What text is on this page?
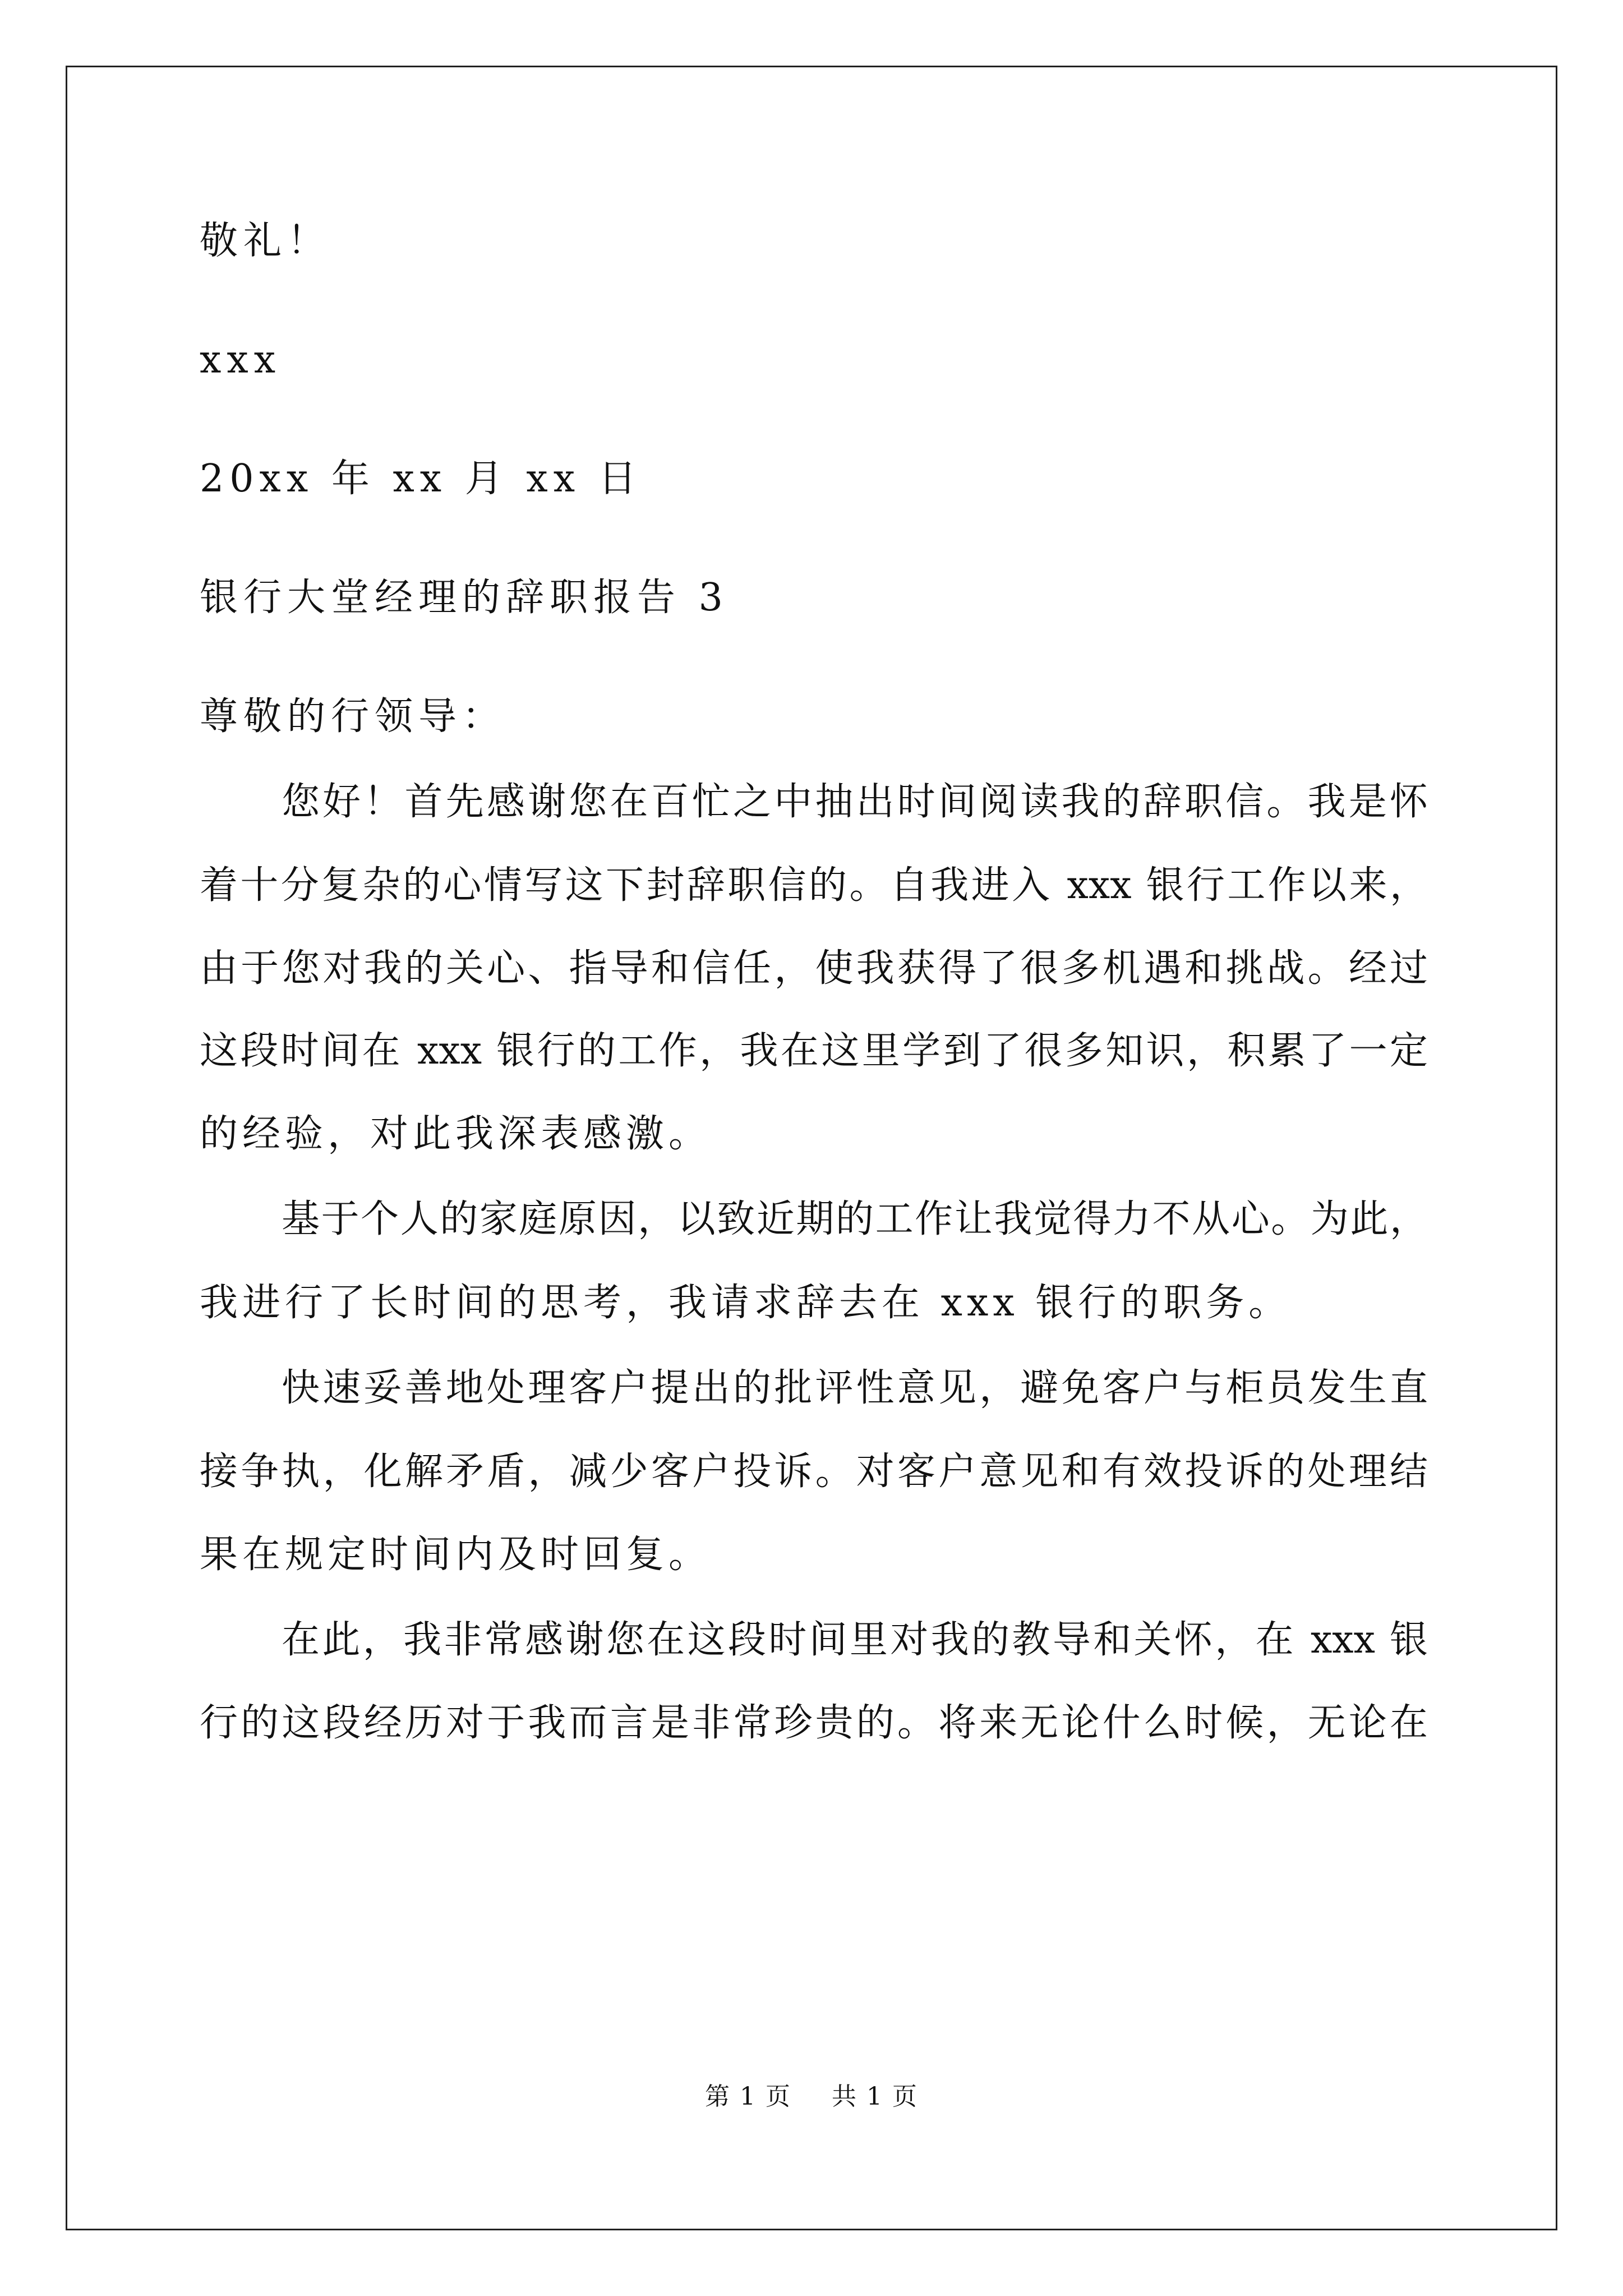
敬礼！
xxx
20xx 年 xx 月 xx 日
银行大堂经理的辞职报告 3
尊敬的行领导：
您好！首先感谢您在百忙之中抽出时间阅读我的辞职信。我是怀
着十分复杂的心情写这下封辞职信的。自我进入 xxx 银行工作以来，
由于您对我的关心、指导和信任，使我获得了很多机遇和挑战。经过
这段时间在 xxx 银行的工作，我在这里学到了很多知识，积累了一定
的经验，对此我深表感激。
基于个人的家庭原因，以致近期的工作让我觉得力不从心。为此，
我进行了长时间的思考，我请求辞去在 xxx 银行的职务。
快速妥善地处理客户提出的批评性意见，避免客户与柜员发生直
接争执，化解矛盾，减少客户投诉。对客户意见和有效投诉的处理结
果在规定时间内及时回复。
在此，我非常感谢您在这段时间里对我的教导和关怀，在 xxx 银
行的这段经历对于我而言是非常珍贵的。将来无论什么时候，无论在
第 1 页 共 1 页
